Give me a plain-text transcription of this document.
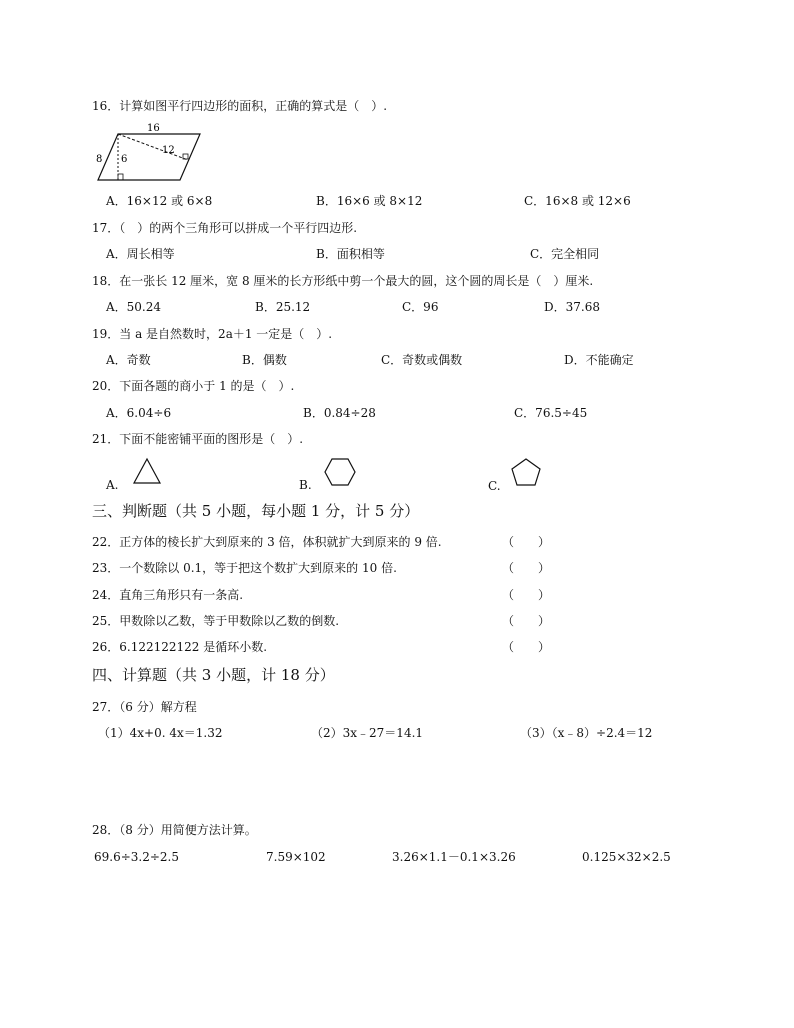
16．计算如图平行四边形的面积，正确的算式是（　）.
16
8 6
12
A．16×12 或 6×8	B．16×6 或 8×12	C．16×8 或 12×6
17．（　）的两个三角形可以拼成一个平行四边形.
A．周长相等	B．面积相等	C．完全相同
18．在一张长 12 厘米，宽 8 厘米的长方形纸中剪一个最大的圆，这个圆的周长是（　）厘米.
A．50.24	B．25.12	C．96	D．37.68
19．当 a 是自然数时，2a＋1 一定是（　）.
A．奇数	B．偶数	C．奇数或偶数	D．不能确定
20．下面各题的商小于 1 的是（　）.
A．6.04÷6	B．0.84÷28	C．76.5÷45
21．下面不能密铺平面的图形是（　）.
A.	B.	C.
三、判断题（共 5 小题，每小题 1 分，计 5 分）
22．正方体的棱长扩大到原来的 3 倍，体积就扩大到原来的 9 倍.	（　　）
23．一个数除以 0.1，等于把这个数扩大到原来的 10 倍.	（　　）
24．直角三角形只有一条高.	（　　）
25．甲数除以乙数，等于甲数除以乙数的倒数.	（　　）
26．6.122122122 是循环小数.	（　　）
四、计算题（共 3 小题，计 18 分）
27．（6 分）解方程
（1）4x+0. 4x＝1.32	（2）3x﹣27＝14.1	（3）（x﹣8）÷2.4＝12
28．（8 分）用简便方法计算。
69.6÷3.2÷2.5	7.59×102	3.26×1.1－0.1×3.26	0.125×32×2.5
